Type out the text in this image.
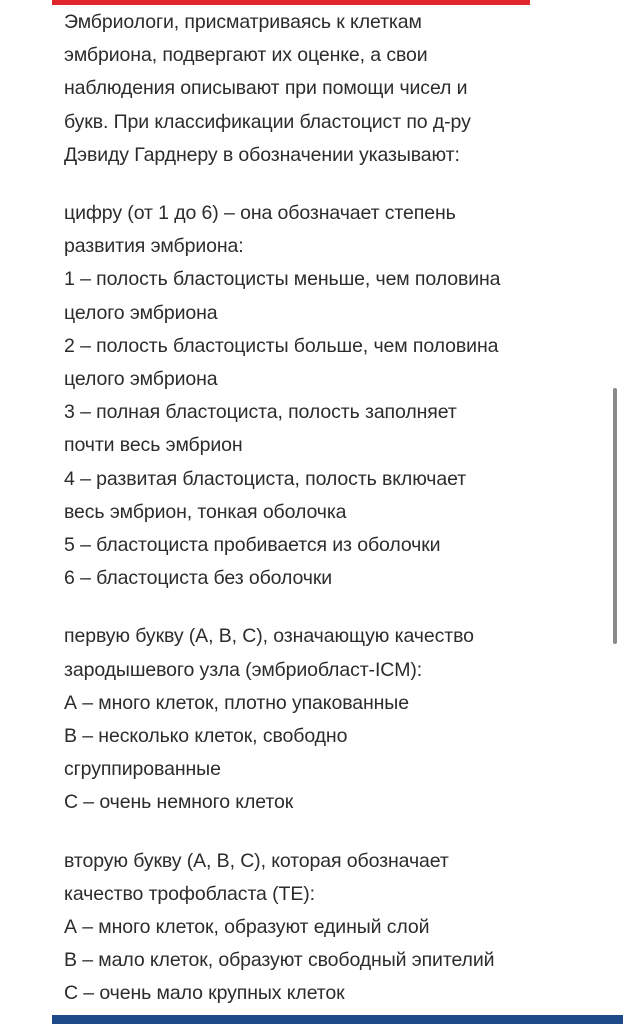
Эмбриологи, присматриваясь к клеткам
эмбриона, подвергают их оценке, а свои
наблюдения описывают при помощи чисел и
букв. При классификации бластоцист по д-ру
Дэвиду Гарднеру в обозначении указывают:
цифру (от 1 до 6) – она обозначает степень
развития эмбриона:
1 – полость бластоцисты меньше, чем половина
целого эмбриона
2 – полость бластоцисты больше, чем половина
целого эмбриона
3 – полная бластоциста, полость заполняет
почти весь эмбрион
4 – развитая бластоциста, полость включает
весь эмбрион, тонкая оболочка
5 – бластоциста пробивается из оболочки
6 – бластоциста без оболочки
первую букву (А, В, С), означающую качество
зародышевого узла (эмбриобласт-ICM):
А – много клеток, плотно упакованные
В – несколько клеток, свободно
сгруппированные
С – очень немного клеток
вторую букву (А, В, С), которая обозначает
качество трофобласта (ТЕ):
А – много клеток, образуют единый слой
В – мало клеток, образуют свободный эпителий
С – очень мало крупных клеток
